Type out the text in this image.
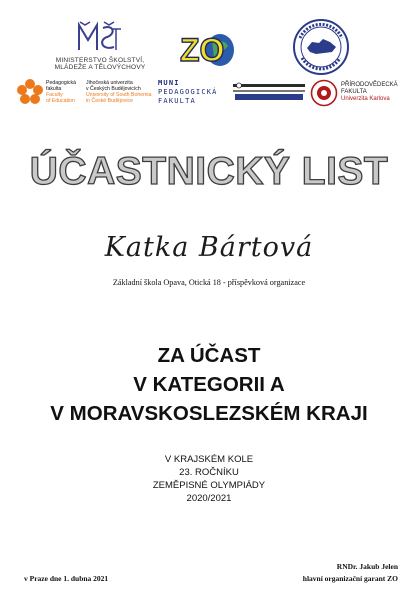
MINISTERSTVO ŠKOLSTVÍ,
MLÁDEŽE A TĚLOVÝCHOVY	ZO
Pedagogická
fakulta
Faculty
of Education
Jihočeská univerzita
v Českých Budějovicích
University of South Bohemia
in České Budějovice
MUNI
PEDAGOGICKÁ
FAKULTA
PŘÍRODOVĚDECKÁ
FAKULTA
Univerzita Karlova
ÚČASTNICKÝ LIST
Katka Bártová
Základní škola Opava, Otická 18 - příspěvková organizace
ZA ÚČAST
V KATEGORII A
V MORAVSKOSLEZSKÉM KRAJI
V KRAJSKÉM KOLE
23. ROČNÍKU
ZEMĚPISNÉ OLYMPIÁDY
2020/2021
v Praze dne 1. dubna 2021
RNDr. Jakub Jelen
hlavní organizační garant ZO
